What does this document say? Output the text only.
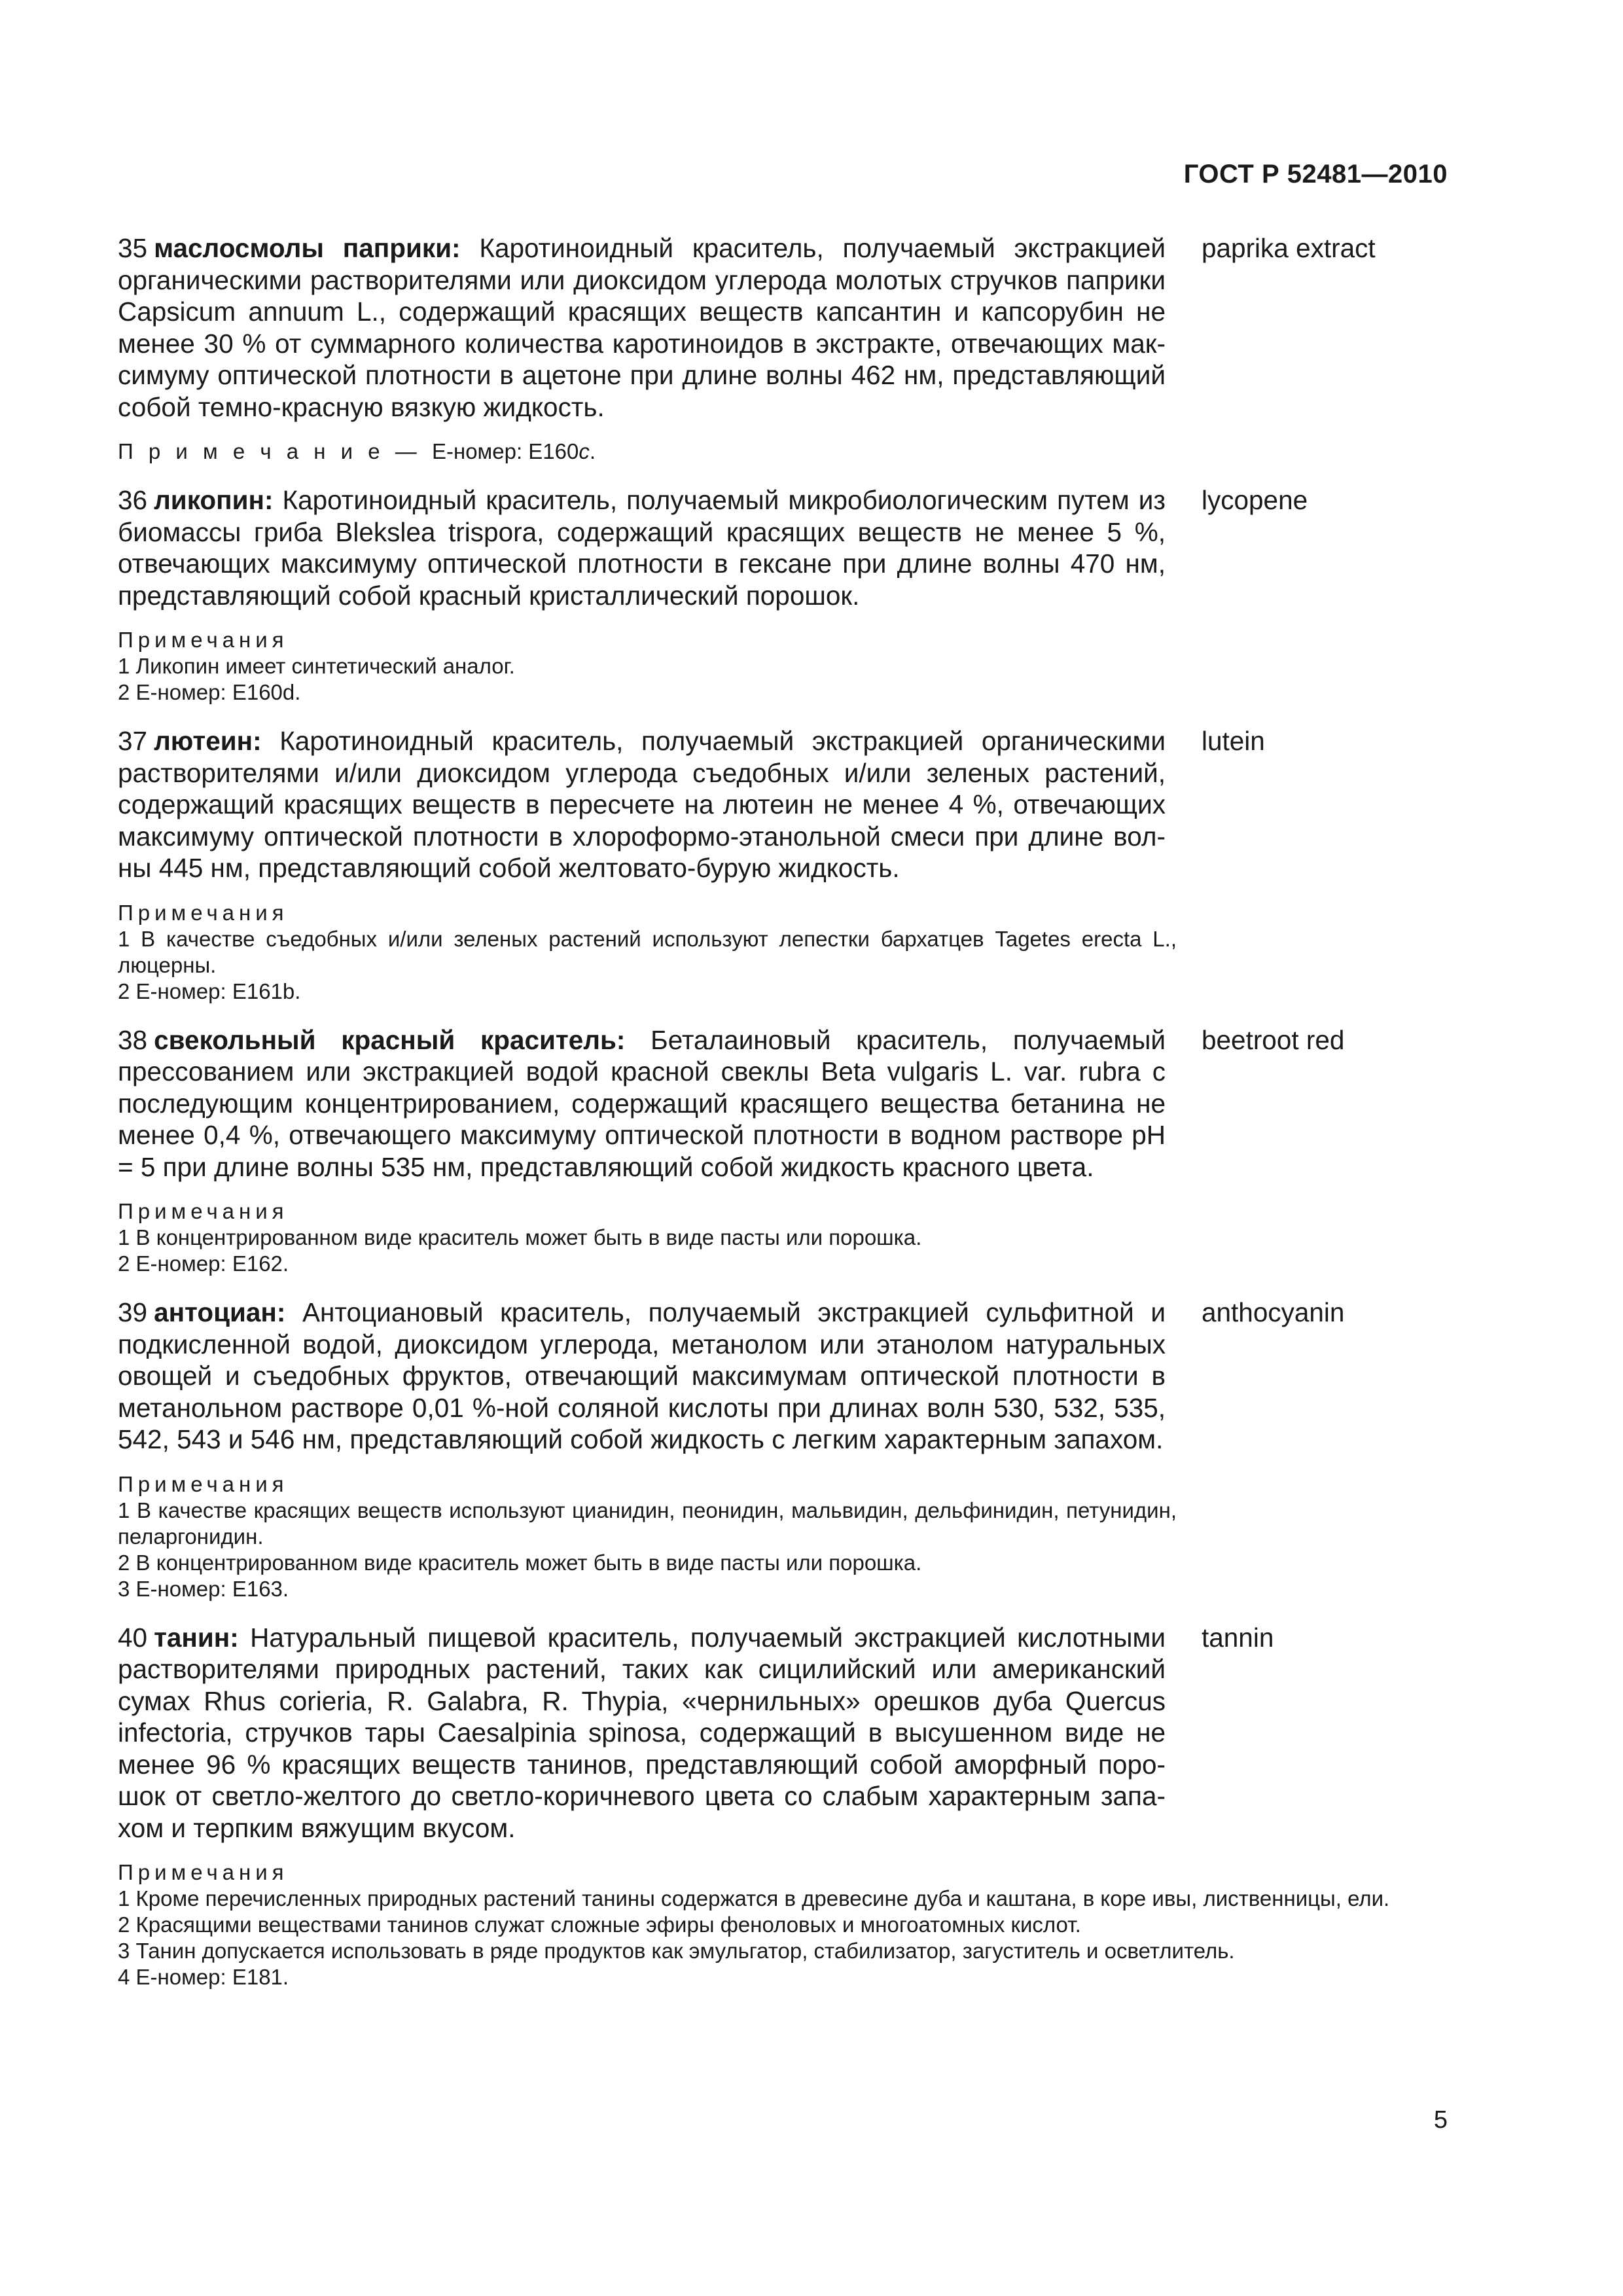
ГОСТ Р 52481—2010
35 маслосмолы паприки: Каротиноидный краситель, получаемый экстракцией органическими растворителями или диоксидом углерода молотых стручков паприки Capsicum annuum L., содержащий красящих веществ капсантин и капсорубин не менее 30 % от суммарного количества каротиноидов в экстракте, отвечающих максимуму оптической плотности в ацетоне при длине волны 462 нм, представляющий собой темно-красную вязкую жидкость.
paprika extract
П р и м е ч а н и е — Е-номер: Е160c.
36 ликопин: Каротиноидный краситель, получаемый микробиологическим путем из биомассы гриба Blekslea trispora, содержащий красящих веществ не менее 5 %, отвечающих максимуму оптической плотности в гексане при длине волны 470 нм, представляющий собой красный кристаллический порошок.
lycopene
Примечания
1 Ликопин имеет синтетический аналог.
2 Е-номер: Е160d.
37 лютеин: Каротиноидный краситель, получаемый экстракцией органическими растворителями и/или диоксидом углерода съедобных и/или зеленых растений, содержащий красящих веществ в пересчете на лютеин не менее 4 %, отвечающих максимуму оптической плотности в хлороформо-этанольной смеси при длине волны 445 нм, представляющий собой желтовато-бурую жидкость.
lutein
Примечания
1 В качестве съедобных и/или зеленых растений используют лепестки бархатцев Tagetes erecta L., люцерны.
2 Е-номер: Е161b.
38 свекольный красный краситель: Беталаиновый краситель, получаемый прессованием или экстракцией водой красной свеклы Beta vulgaris L. var. rubra с последующим концентрированием, содержащий красящего вещества бетанина не менее 0,4 %, отвечающего максимуму оптической плотности в водном растворе pH = 5 при длине волны 535 нм, представляющий собой жидкость красного цвета.
beetroot red
Примечания
1 В концентрированном виде краситель может быть в виде пасты или порошка.
2 Е-номер: Е162.
39 антоциан: Антоциановый краситель, получаемый экстракцией сульфитной и подкисленной водой, диоксидом углерода, метанолом или этанолом натуральных овощей и съедобных фруктов, отвечающий максимумам оптической плотности в метанольном растворе 0,01 %-ной соляной кислоты при длинах волн 530, 532, 535, 542, 543 и 546 нм, представляющий собой жидкость с легким характерным запахом.
anthocyanin
Примечания
1 В качестве красящих веществ используют цианидин, пеонидин, мальвидин, дельфинидин, петунидин, пеларгонидин.
2 В концентрированном виде краситель может быть в виде пасты или порошка.
3 Е-номер: Е163.
40 танин: Натуральный пищевой краситель, получаемый экстракцией кислотными растворителями природных растений, таких как сицилийский или американский сумах Rhus corieria, R. Galabra, R. Thypia, «чернильных» орешков дуба Quercus infectoria, стручков тары Caesalpinia spinosa, содержащий в высушенном виде не менее 96 % красящих веществ танинов, представляющий собой аморфный порошок от светло-желтого до светло-коричневого цвета со слабым характерным запахом и терпким вяжущим вкусом.
tannin
Примечания
1 Кроме перечисленных природных растений танины содержатся в древесине дуба и каштана, в коре ивы, лиственницы, ели.
2 Красящими веществами танинов служат сложные эфиры феноловых и многоатомных кислот.
3 Танин допускается использовать в ряде продуктов как эмульгатор, стабилизатор, загуститель и осветлитель.
4 Е-номер: Е181.
5
